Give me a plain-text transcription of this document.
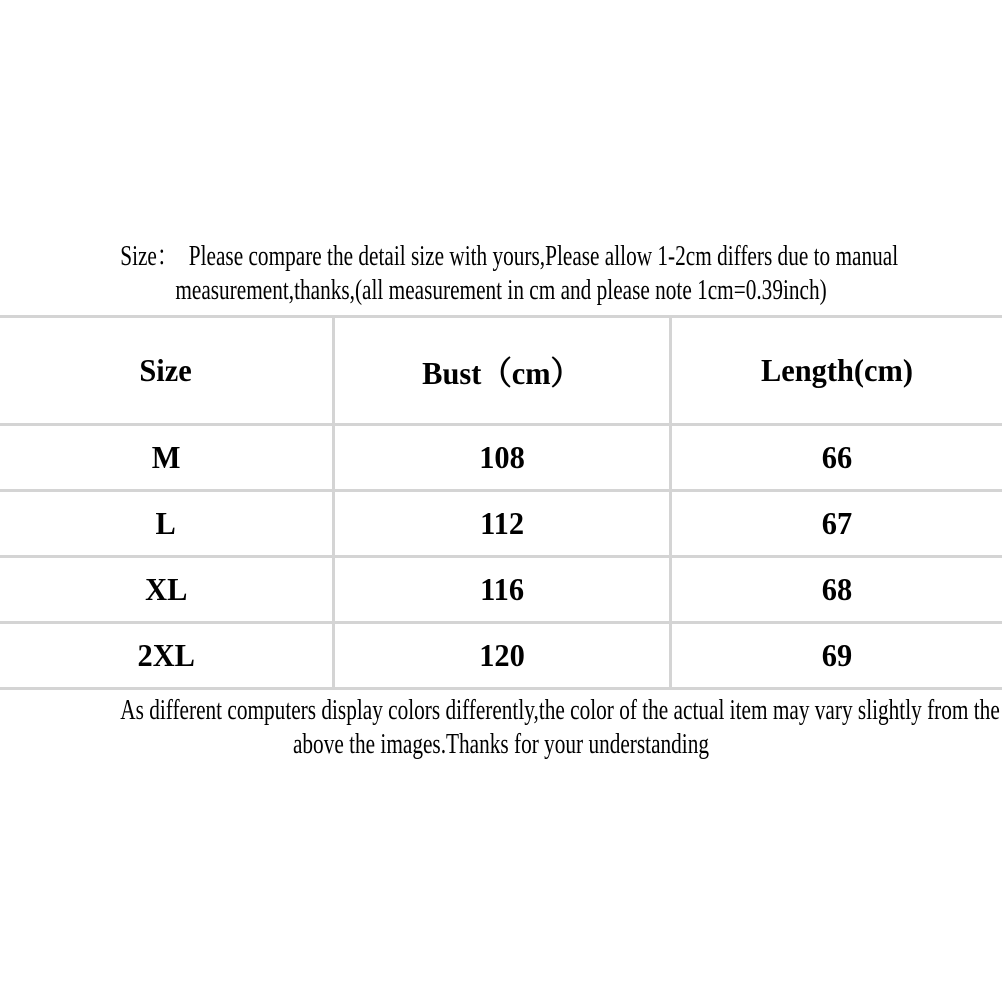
Size：  Please compare the detail size with yours,Please allow 1-2cm differs due to manual
measurement,thanks,(all measurement in cm and please note 1cm=0.39inch)
Size	Bust（cm）	Length(cm)
M	108	66
L	112	67
XL	116	68
2XL	120	69
As different computers display colors differently,the color of the actual item may vary slightly from the
above the images.Thanks for your understanding
